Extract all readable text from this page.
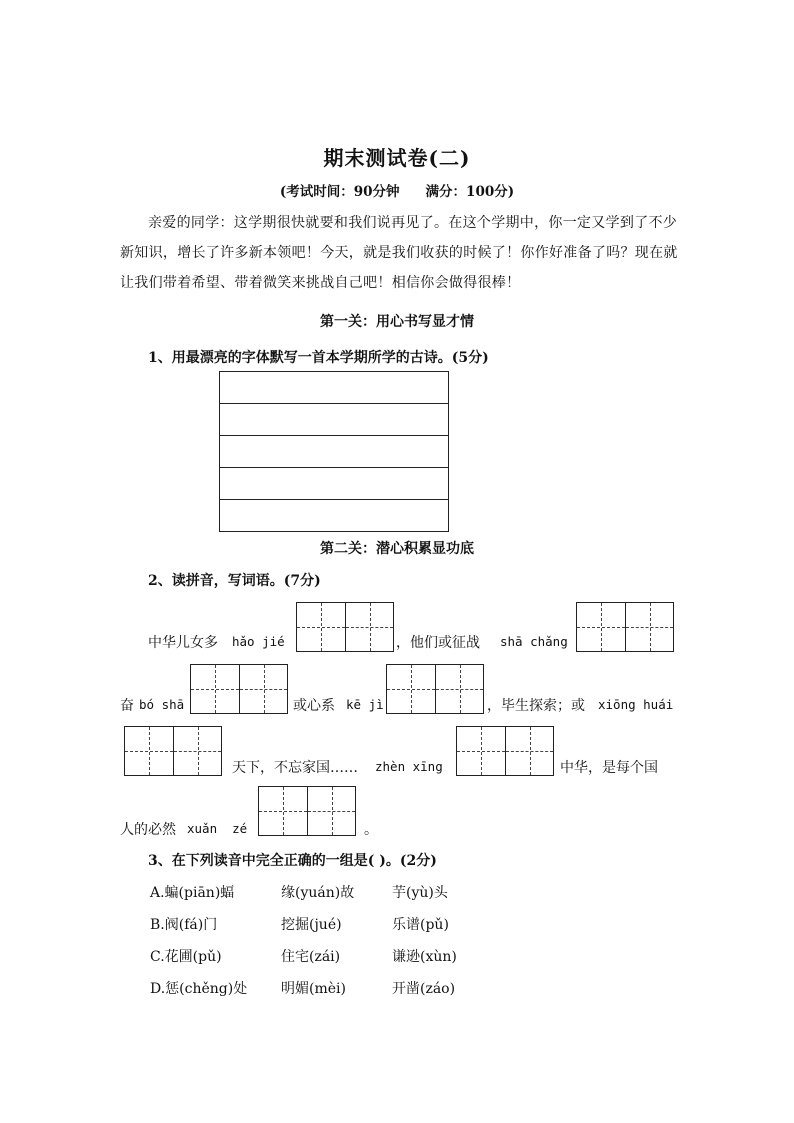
期末测试卷(二)
(考试时间：90分钟 满分：100分)
亲爱的同学：这学期很快就要和我们说再见了。在这个学期中，你一定又学到了不少新知识，增长了许多新本领吧！今天，就是我们收获的时候了！你作好准备了吗？现在就让我们带着希望、带着微笑来挑战自己吧！相信你会做得很棒！
第一关：用心书写显才情
1、用最漂亮的字体默写一首本学期所学的古诗。(5分)
第二关：潜心积累显功底
2、读拼音，写词语。(7分)
中华儿女多 hǎo jié	，他们或征战 shā chǎng
奋 bó shā	或心系 kē jì	，毕生探索；或 xiōng huái
天下，不忘家国…… zhèn xīng	中华，是每个国
人的必然 xuǎn  zé	。
3、在下列读音中完全正确的一组是( )。(2分)
A.蝙(piān)蝠	缘(yuán)故	芋(yù)头
B.阀(fá)门	挖掘(jué)	乐谱(pǔ)
C.花圃(pǔ)	住宅(zái)	谦逊(xùn)
D.惩(chěng)处 明媚(mèi)	开凿(záo)
